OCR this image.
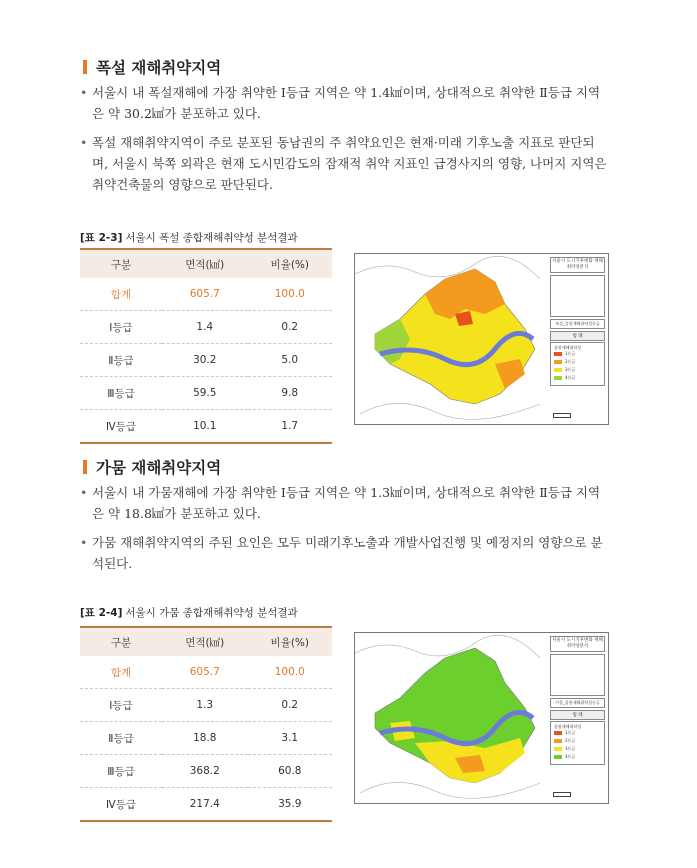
폭설 재해취약지역
• 서울시 내 폭설재해에 가장 취약한 Ⅰ등급 지역은 약 1.4㎢이며, 상대적으로 취약한 Ⅱ등급 지역은 약 30.2㎢가 분포하고 있다.
• 폭설 재해취약지역이 주로 분포된 동남권의 주 취약요인은 현재·미래 기후노출 지표로 판단되며, 서울시 북쪽 외곽은 현재 도시민감도의 잠재적 취약 지표인 급경사지의 영향, 나머지 지역은 취약건축물의 영향으로 판단된다.
[표 2-3] 서울시 폭설 종합재해취약성 분석결과
구분	면적(㎢)	비율(%)
합계	605.7	100.0
Ⅰ등급	1.4	0.2
Ⅱ등급	30.2	5.0
Ⅲ등급	59.5	9.8
Ⅳ등급	10.1	1.7
서울시 도시기후변화 재해취약성분석
폭설_종합재해취약성등급
범 례
종합재해취약성
1등급
2등급
3등급
4등급
가뭄 재해취약지역
• 서울시 내 가뭄재해에 가장 취약한 Ⅰ등급 지역은 약 1.3㎢이며, 상대적으로 취약한 Ⅱ등급 지역은 약 18.8㎢가 분포하고 있다.
• 가뭄 재해취약지역의 주된 요인은 모두 미래기후노출과 개발사업진행 및 예정지의 영향으로 분석된다.
[표 2-4] 서울시 가뭄 종합재해취약성 분석결과
구분	면적(㎢)	비율(%)
합계	605.7	100.0
Ⅰ등급	1.3	0.2
Ⅱ등급	18.8	3.1
Ⅲ등급	368.2	60.8
Ⅳ등급	217.4	35.9
서울시 도시기후변화 재해취약성분석
가뭄_종합재해취약성등급
범 례
종합재해취약성
1등급
2등급
3등급
4등급
